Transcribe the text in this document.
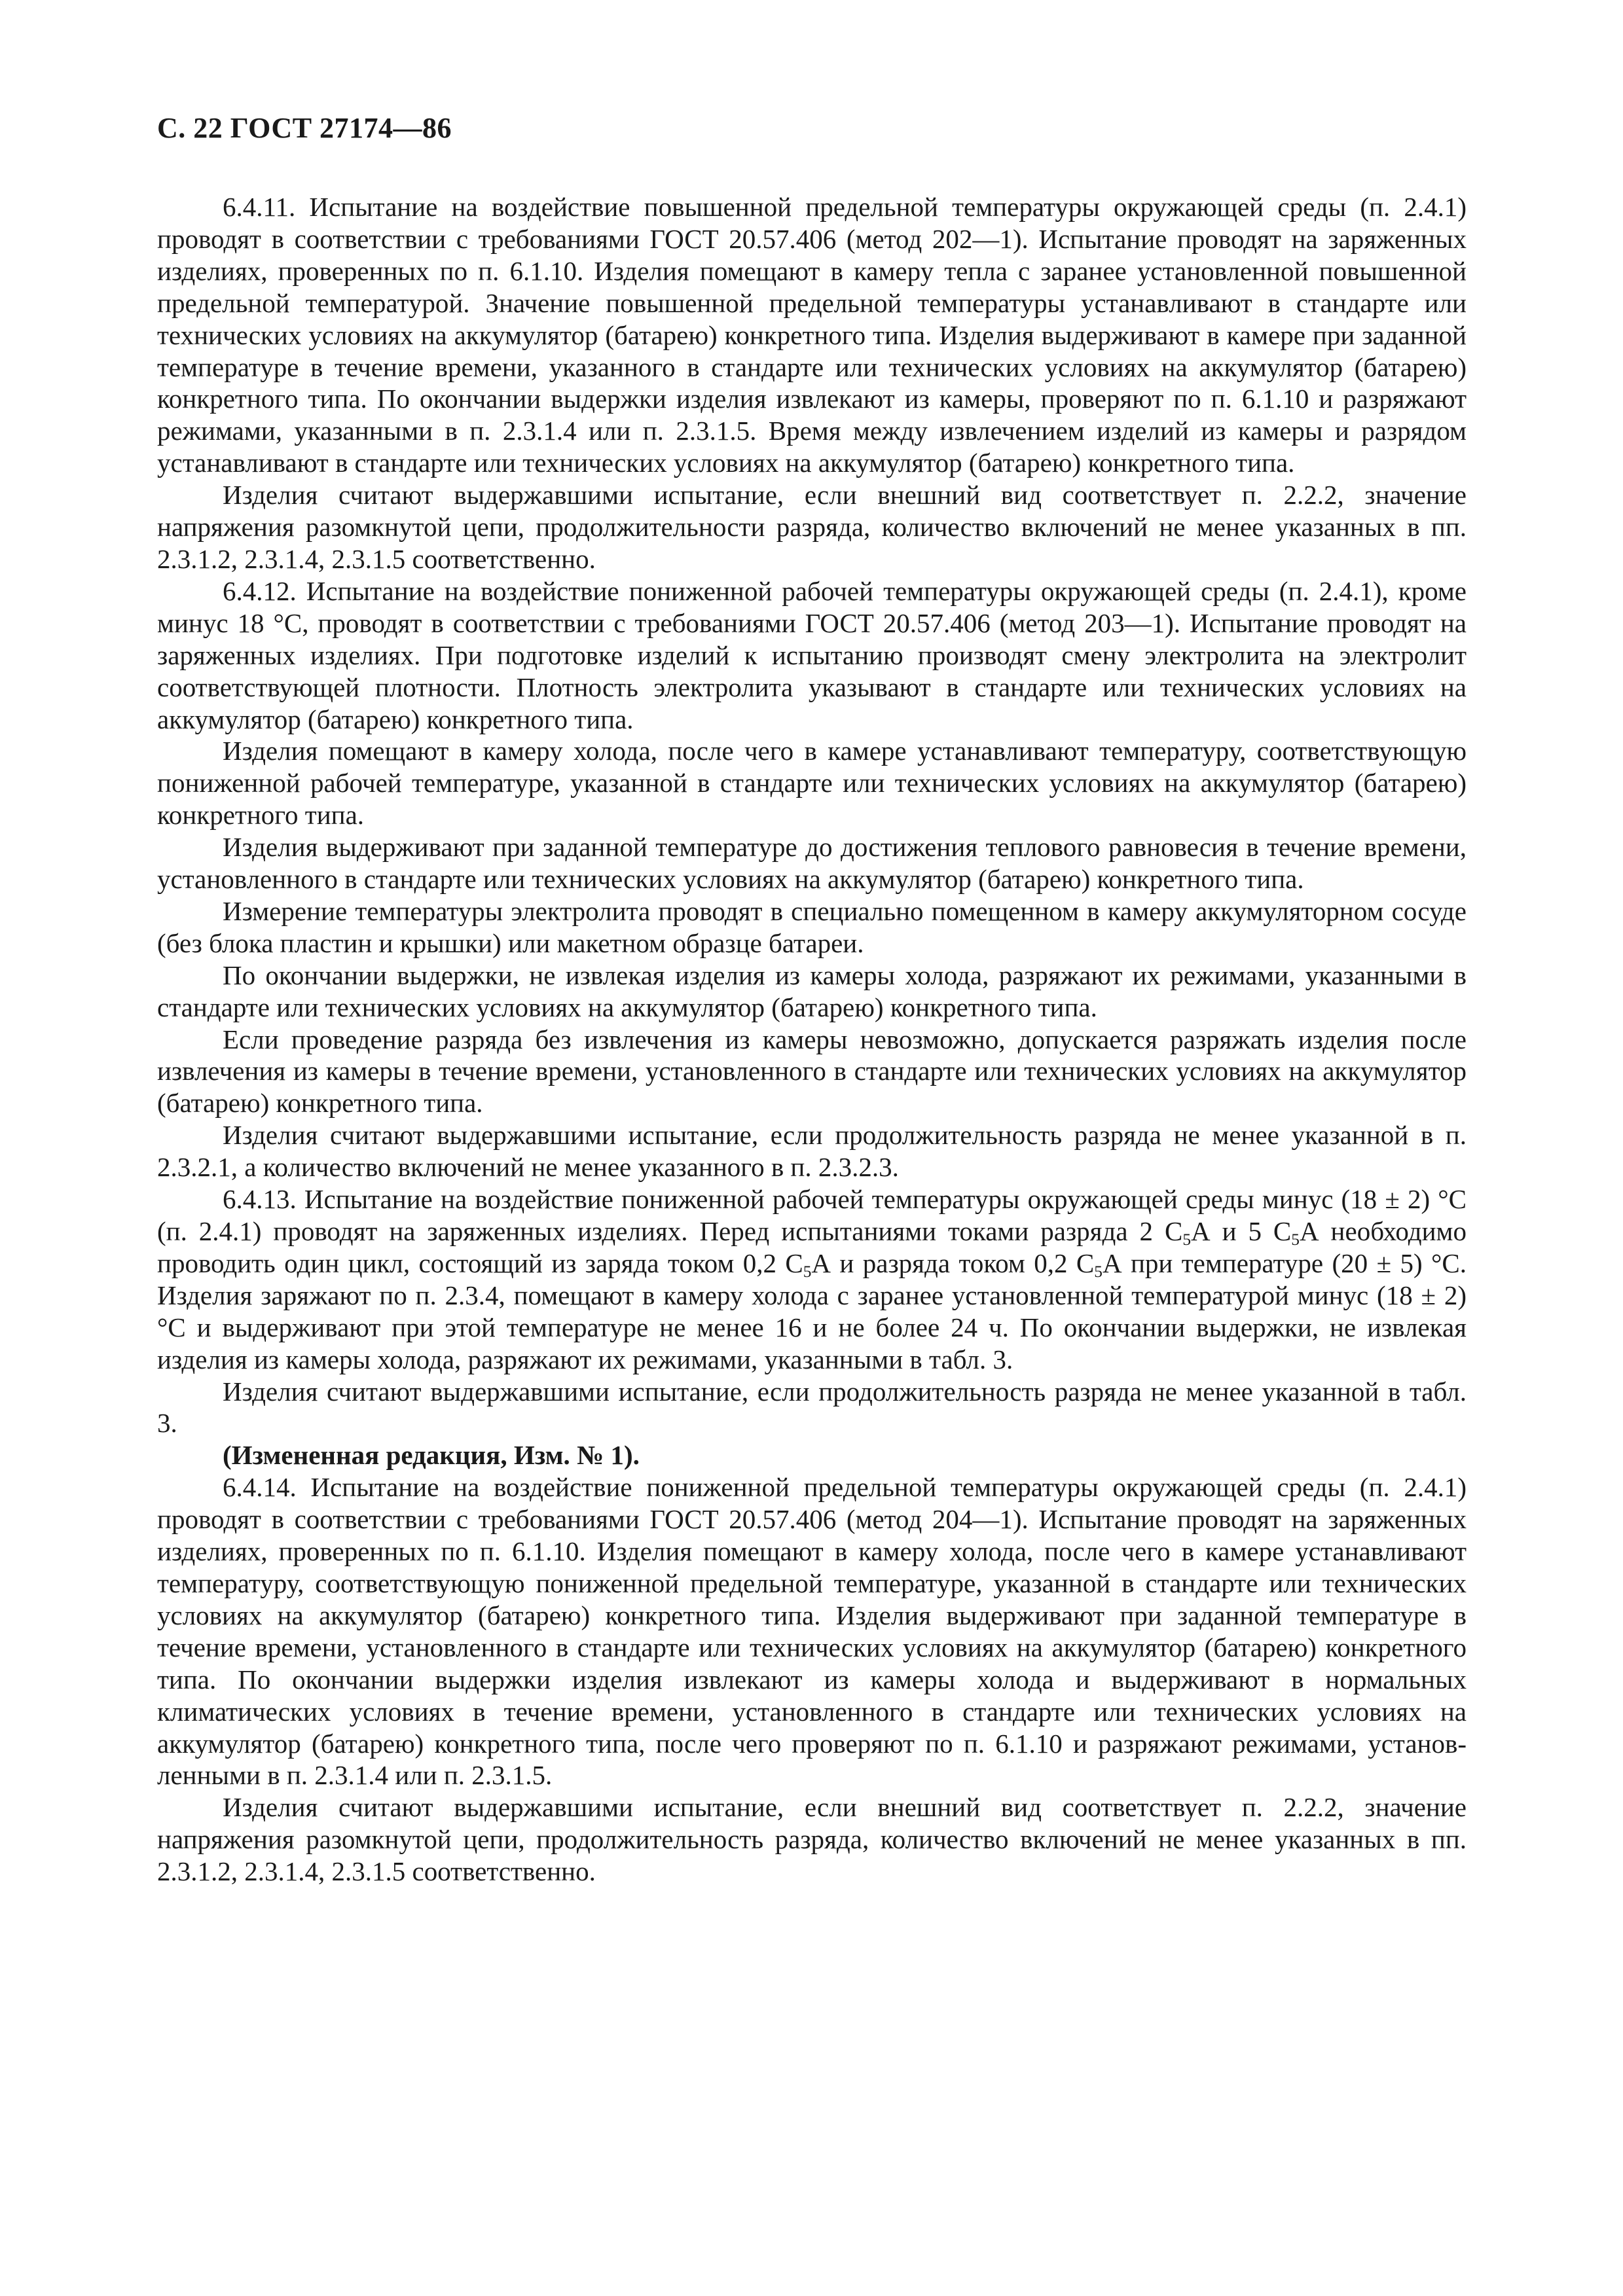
С. 22 ГОСТ 27174—86

6.4.11. Испытание на воздействие повышенной предельной температуры окружающей среды (п. 2.4.1) проводят в соответствии с требованиями ГОСТ 20.57.406 (метод 202—1). Испытание проводят на заряженных изделиях, проверенных по п. 6.1.10. Изделия помещают в камеру тепла с заранее установленной повышенной предельной температурой. Значение повышенной предельной температуры устанавливают в стандарте или технических условиях на аккумулятор (батарею) конкретного типа. Изделия выдерживают в камере при заданной температуре в течение времени, указанного в стандарте или технических условиях на аккумулятор (батарею) конкретного типа. По окончании выдержки изделия извлекают из камеры, проверяют по п. 6.1.10 и разряжают режимами, указанными в п. 2.3.1.4 или п. 2.3.1.5. Время между извлечением изделий из камеры и разрядом устанавливают в стандарте или технических условиях на аккумулятор (батарею) конкретного типа.

Изделия считают выдержавшими испытание, если внешний вид соответствует п. 2.2.2, значение напряжения разомкнутой цепи, продолжительности разряда, количество включений не менее указанных в пп. 2.3.1.2, 2.3.1.4, 2.3.1.5 соответственно.

6.4.12. Испытание на воздействие пониженной рабочей температуры окружающей среды (п. 2.4.1), кроме минус 18 °С, проводят в соответствии с требованиями ГОСТ 20.57.406 (метод 203—1). Испытание проводят на заряженных изделиях. При подготовке изделий к испытанию производят смену электролита на электролит соответствующей плотности. Плотность электролита указывают в стандарте или технических условиях на аккумулятор (батарею) конкретного типа.

Изделия помещают в камеру холода, после чего в камере устанавливают температуру, соответствующую пониженной рабочей температуре, указанной в стандарте или технических условиях на аккумулятор (батарею) конкретного типа.

Изделия выдерживают при заданной температуре до достижения теплового равновесия в течение времени, установленного в стандарте или технических условиях на аккумулятор (батарею) конкретного типа.

Измерение температуры электролита проводят в специально помещенном в камеру аккумуляторном сосуде (без блока пластин и крышки) или макетном образце батареи.

По окончании выдержки, не извлекая изделия из камеры холода, разряжают их режимами, указанными в стандарте или технических условиях на аккумулятор (батарею) конкретного типа.

Если проведение разряда без извлечения из камеры невозможно, допускается разряжать изделия после извлечения из камеры в течение времени, установленного в стандарте или технических условиях на аккумулятор (батарею) конкретного типа.

Изделия считают выдержавшими испытание, если продолжительность разряда не менее указанной в п. 2.3.2.1, а количество включений не менее указанного в п. 2.3.2.3.

6.4.13. Испытание на воздействие пониженной рабочей температуры окружающей среды минус (18 ± 2) °С (п. 2.4.1) проводят на заряженных изделиях. Перед испытаниями токами разряда 2 $С_5А$ и 5 $С_5А$ необходимо проводить один цикл, состоящий из заряда током 0,2 $С_5А$ и разряда током 0,2 $С_5А$ при температуре (20 ± 5) °С. Изделия заряжают по п. 2.3.4, помещают в камеру холода с заранее установленной температурой минус (18 ± 2) °С и выдерживают при этой температуре не менее 16 и не более 24 ч. По окончании выдержки, не извлекая изделия из камеры холода, разряжают их режимами, указанными в табл. 3.

Изделия считают выдержавшими испытание, если продолжительность разряда не менее указанной в табл. 3.

(Измененная редакция, Изм. № 1).

6.4.14. Испытание на воздействие пониженной предельной температуры окружающей среды (п. 2.4.1) проводят в соответствии с требованиями ГОСТ 20.57.406 (метод 204—1). Испытание проводят на заряженных изделиях, проверенных по п. 6.1.10. Изделия помещают в камеру холода, после чего в камере устанавливают температуру, соответствующую пониженной предельной температуре, указанной в стандарте или технических условиях на аккумулятор (батарею) конкретного типа. Изделия выдерживают при заданной температуре в течение времени, установленного в стандарте или технических условиях на аккумулятор (батарею) конкретного типа. По окончании выдержки изделия извлекают из камеры холода и выдерживают в нормальных климатических условиях в течение времени, установленного в стандарте или технических условиях на аккумулятор (батарею) конкретного типа, после чего проверяют по п. 6.1.10 и разряжают режимами, установленными в п. 2.3.1.4 или п. 2.3.1.5.

Изделия считают выдержавшими испытание, если внешний вид соответствует п. 2.2.2, значение напряжения разомкнутой цепи, продолжительность разряда, количество включений не менее указанных в пп. 2.3.1.2, 2.3.1.4, 2.3.1.5 соответственно.
